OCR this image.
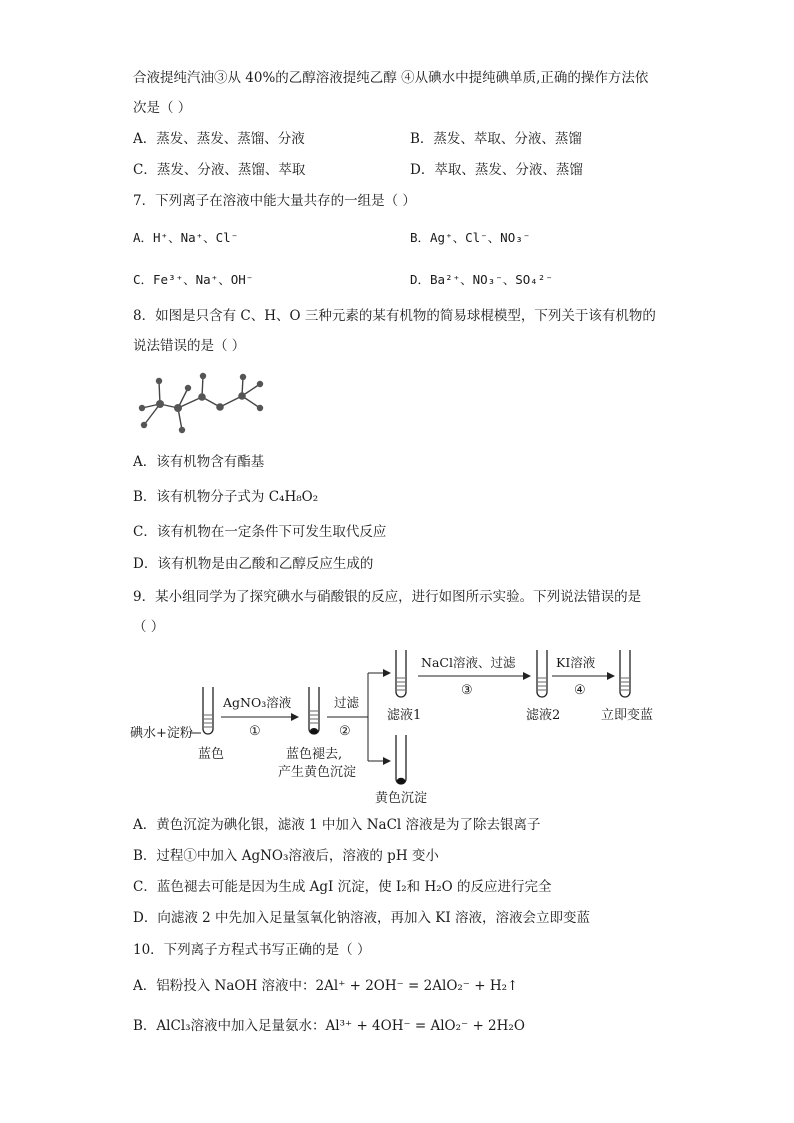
合液提纯汽油③从 40%的乙醇溶液提纯乙醇 ④从碘水中提纯碘单质,正确的操作方法依
次是（ ）
A．蒸发、蒸发、蒸馏、分液	B．蒸发、萃取、分液、蒸馏
C．蒸发、分液、蒸馏、萃取	D．萃取、蒸发、分液、蒸馏
7．下列离子在溶液中能大量共存的一组是（ ）
A．H⁺、Na⁺、Cl⁻	B．Ag⁺、Cl⁻、NO₃⁻
C．Fe³⁺、Na⁺、OH⁻	D．Ba²⁺、NO₃⁻、SO₄²⁻
8．如图是只含有 C、H、O 三种元素的某有机物的简易球棍模型，下列关于该有机物的
说法错误的是（ ）
A．该有机物含有酯基
B．该有机物分子式为 C₄H₈O₂
C．该有机物在一定条件下可发生取代反应
D．该有机物是由乙酸和乙醇反应生成的
9．某小组同学为了探究碘水与硝酸银的反应，进行如图所示实验。下列说法错误的是
（ ）
碘水+淀粉
蓝色
AgNO₃溶液
①
蓝色褪去,
产生黄色沉淀
过滤
②
滤液1
黄色沉淀
NaCl溶液、过滤
③
滤液2
KI溶液
④
立即变蓝
A．黄色沉淀为碘化银，滤液 1 中加入 NaCl 溶液是为了除去银离子
B．过程①中加入 AgNO₃溶液后，溶液的 pH 变小
C．蓝色褪去可能是因为生成 AgI 沉淀，使 I₂和 H₂O 的反应进行完全
D．向滤液 2 中先加入足量氢氧化钠溶液，再加入 KI 溶液，溶液会立即变蓝
10．下列离子方程式书写正确的是（ ）
A．铝粉投入 NaOH 溶液中：2Al⁺ + 2OH⁻ = 2AlO₂⁻ + H₂↑
B．AlCl₃溶液中加入足量氨水：Al³⁺ + 4OH⁻ = AlO₂⁻ + 2H₂O
